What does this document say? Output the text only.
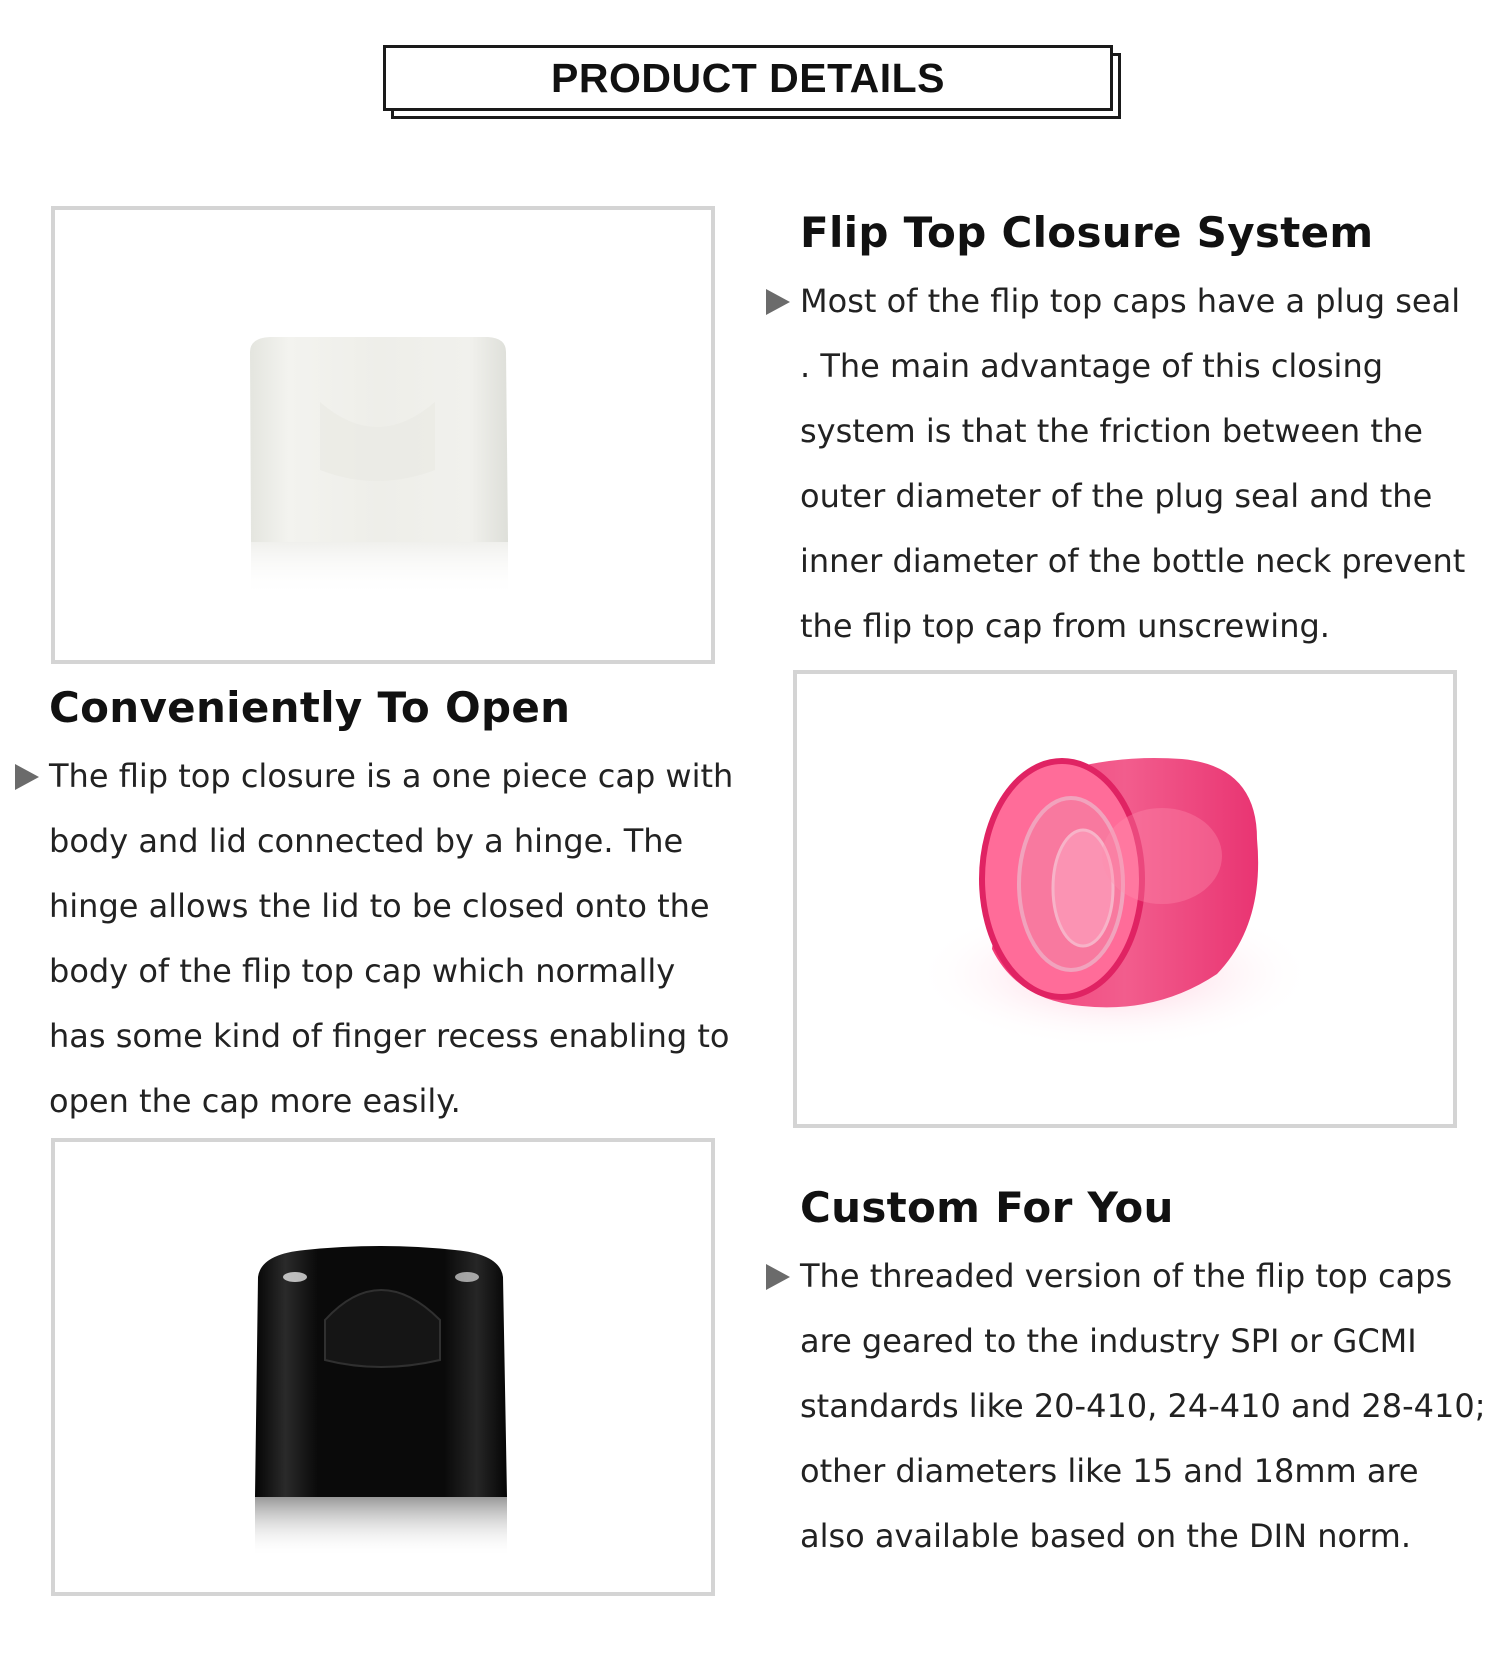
PRODUCT DETAILS
Flip Top Closure System

Most of the flip top caps have a plug seal . The main advantage of this closing system is that the friction between the outer diameter of the plug seal and the inner diameter of the bottle neck prevent the flip top cap from unscrewing.

Conveniently To Open

The flip top closure is a one piece cap with body and lid connected by a hinge. The hinge allows the lid to be closed onto the body of the flip top cap which normally has some kind of finger recess enabling to open the cap more easily.

Custom For You

The threaded version of the flip top caps are geared to the industry SPI or GCMI standards like 20-410, 24-410 and 28-410; other diameters like 15 and 18mm are also available based on the DIN norm.
